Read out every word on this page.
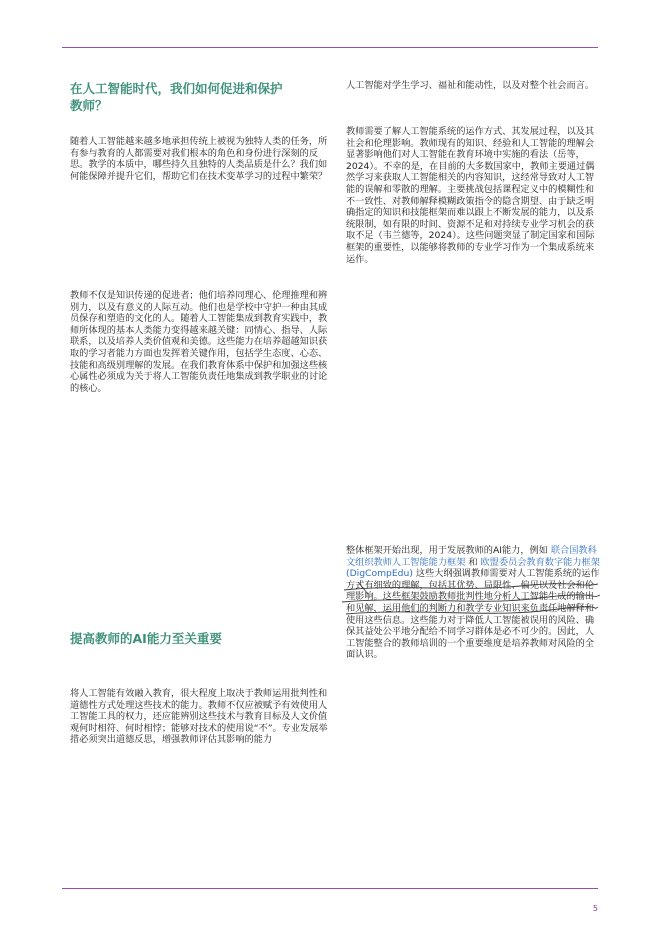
在人工智能时代，我们如何促进和保护教师？

随着人工智能越来越多地承担传统上被视为独特人类的任务，所有参与教育的人都需要对我们根本的角色和身份进行深刻的反思。教学的本质中，哪些持久且独特的人类品质是什么？我们如何能保障并提升它们，帮助它们在技术变革学习的过程中繁荣？

教师不仅是知识传递的促进者；他们培养同理心、伦理推理和辨别力，以及有意义的人际互动。他们也是学校中守护一种由其成员保存和塑造的文化的人。随着人工智能集成到教育实践中，教师所体现的基本人类能力变得越来越关键：同情心、指导、人际联系，以及培养人类价值观和美德。这些能力在培养超越知识获取的学习者能力方面也发挥着关键作用，包括学生态度、心态、技能和高级别理解的发展。在我们教育体系中保护和加强这些核心属性必须成为关于将人工智能负责任地集成到教学职业的讨论的核心。

提高教师的AI能力至关重要

将人工智能有效融入教育，很大程度上取决于教师运用批判性和道德性方式处理这些技术的能力。教师不仅应被赋予有效使用人工智能工具的权力，还应能辨别这些技术与教育目标及人文价值观何时相符、何时相悖；能够对技术的使用说“不”。专业发展举措必须突出道德反思，增强教师评估其影响的能力

人工智能对学生学习、福祉和能动性，以及对整个社会而言。

教师需要了解人工智能系统的运作方式、其发展过程，以及其社会和伦理影响。教师现有的知识、经验和人工智能的理解会显著影响他们对人工智能在教育环境中实施的看法（岳等，2024）。不幸的是，在目前的大多数国家中，教师主要通过偶然学习来获取人工智能相关的内容知识，这经常导致对人工智能的误解和零散的理解。主要挑战包括课程定义中的模糊性和不一致性、对教师解释模糊政策指令的隐含期望、由于缺乏明确指定的知识和技能框架而难以跟上不断发展的能力，以及系统限制，如有限的时间、资源不足和对持续专业学习机会的获取不足（韦兰德等，2024）。这些问题突显了制定国家和国际框架的重要性，以能够将教师的专业学习作为一个集成系统来运作。

整体框架开始出现，用于发展教师的AI能力，例如 联合国教科文组织教师人工智能能力框架 和 欧盟委员会教育数字能力框架 (DigCompEdu) 这些大纲强调教师需要对人工智能系统的运作方式有细致的理解，包括其优势、局限性、偏见以及社会和伦理影响。这些框架鼓励教师批判性地分析人工智能生成的输出和见解，运用他们的判断力和教学专业知识来负责任地解释和使用这些信息。这些能力对于降低人工智能被误用的风险、确保其益处公平地分配给不同学习群体是必不可少的。因此，人工智能整合的教师培训的一个重要维度是培养教师对风险的全面认识。

5
